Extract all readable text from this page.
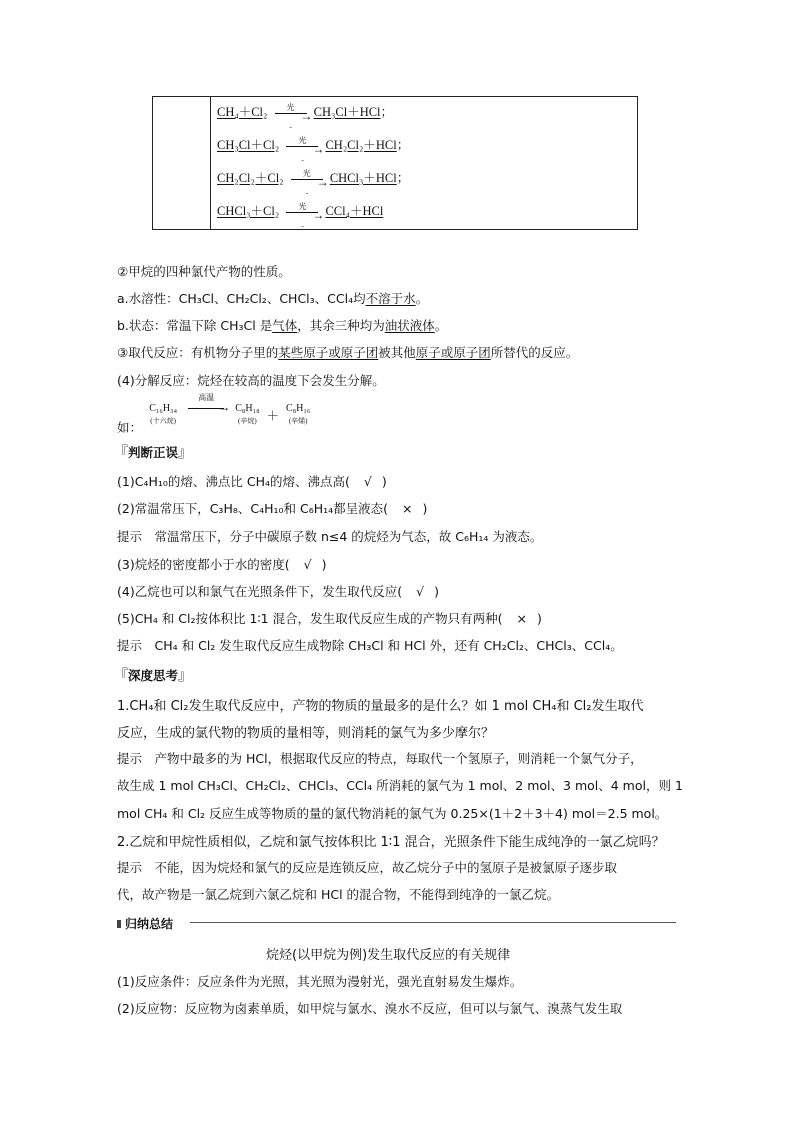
CH₄＋Cl₂	光
-
→ CH₃Cl＋HCl；
CH₃Cl＋Cl₂	光
-
→ CH₂Cl₂＋HCl；
CH₂Cl₂＋Cl₂	光
-
→ CHCl₃＋HCl；
CHCl₃＋Cl₂	光
-
→ CCl₄＋HCl
②甲烷的四种氯代产物的性质。
a.水溶性：CH₃Cl、CH₂Cl₂、CHCl₃、CCl₄均不溶于水。
b.状态：常温下除 CH₃Cl 是气体，其余三种均为油状液体。
③取代反应：有机物分子里的某些原子或原子团被其他原子或原子团所替代的反应。
(4)分解反应：烷烃在较高的温度下会发生分解。
如： C₁₆H₃₄
$^{(十六烷)}$
高温
→ C₈H₁₈
$^{(辛烷)}$ ＋ C₈H₁₆
$^{(辛烯)}$
『判断正误』
(1)C₄H₁₀的熔、沸点比 CH₄的熔、沸点高( √ )
(2)常温常压下，C₃H₈、C₄H₁₀和 C₆H₁₄都呈液态( × )
提示　常温常压下，分子中碳原子数 n≤4 的烷烃为气态，故 C₆H₁₄ 为液态。
(3)烷烃的密度都小于水的密度( √ )
(4)乙烷也可以和氯气在光照条件下，发生取代反应( √ )
(5)CH₄ 和 Cl₂按体积比 1∶1 混合，发生取代反应生成的产物只有两种( × )
提示　CH₄ 和 Cl₂ 发生取代反应生成物除 CH₃Cl 和 HCl 外，还有 CH₂Cl₂、CHCl₃、CCl₄。
『深度思考』
1.CH₄和 Cl₂发生取代反应中，产物的物质的量最多的是什么？如 1 mol CH₄和 Cl₂发生取代
反应，生成的氯代物的物质的量相等，则消耗的氯气为多少摩尔？
提示　产物中最多的为 HCl，根据取代反应的特点，每取代一个氢原子，则消耗一个氯气分子，
故生成 1 mol CH₃Cl、CH₂Cl₂、CHCl₃、CCl₄ 所消耗的氯气为 1 mol、2 mol、3 mol、4 mol，则 1
mol CH₄ 和 Cl₂ 反应生成等物质的量的氯代物消耗的氯气为 0.25×(1＋2＋3＋4) mol＝2.5 mol。
2.乙烷和甲烷性质相似，乙烷和氯气按体积比 1∶1 混合，光照条件下能生成纯净的一氯乙烷吗？
提示　不能，因为烷烃和氯气的反应是连锁反应，故乙烷分子中的氢原子是被氯原子逐步取
代，故产物是一氯乙烷到六氯乙烷和 HCl 的混合物，不能得到纯净的一氯乙烷。
归纳总结
烷烃(以甲烷为例)发生取代反应的有关规律
(1)反应条件：反应条件为光照，其光照为漫射光，强光直射易发生爆炸。
(2)反应物：反应物为卤素单质，如甲烷与氯水、溴水不反应，但可以与氯气、溴蒸气发生取
